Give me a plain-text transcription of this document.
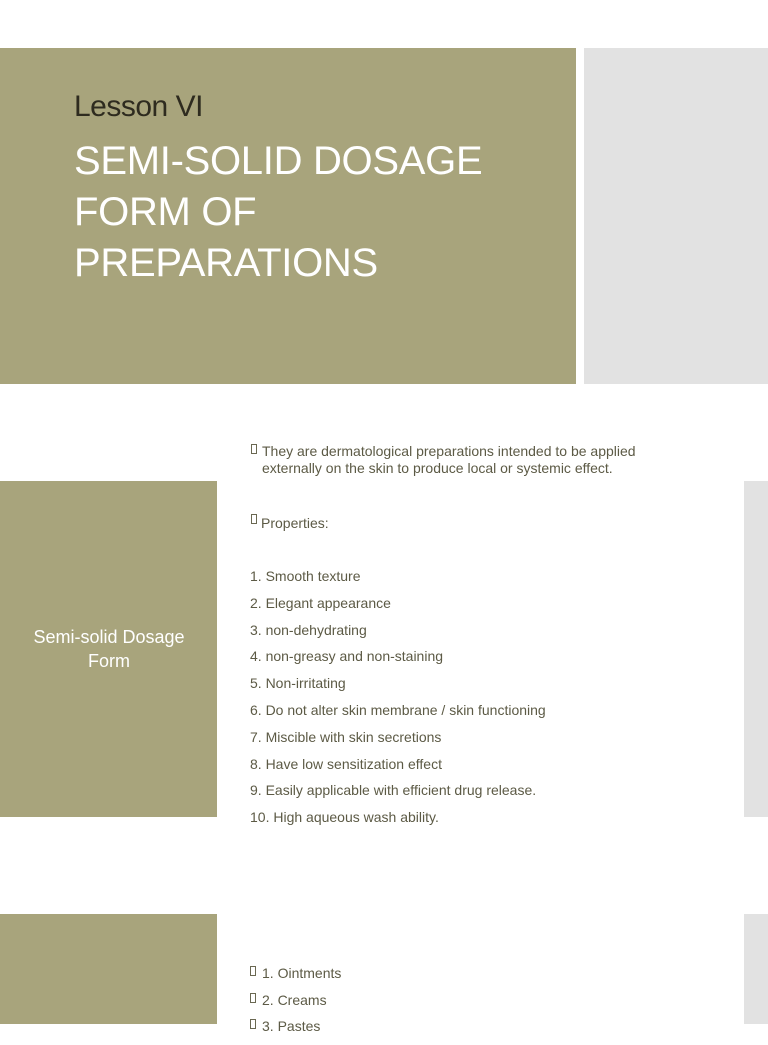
Lesson VI
SEMI-SOLID DOSAGE
FORM OF
PREPARATIONS
Semi-solid Dosage
Form
They are dermatological preparations intended to be applied externally on the skin to produce local or systemic effect.
Properties:
1. Smooth texture
2. Elegant appearance
3. non-dehydrating
4. non-greasy and non-staining
5. Non-irritating
6. Do not alter skin membrane / skin functioning
7. Miscible with skin secretions
8. Have low sensitization effect
9. Easily applicable with efficient drug release.
10. High aqueous wash ability.
1. Ointments
2. Creams
3. Pastes
